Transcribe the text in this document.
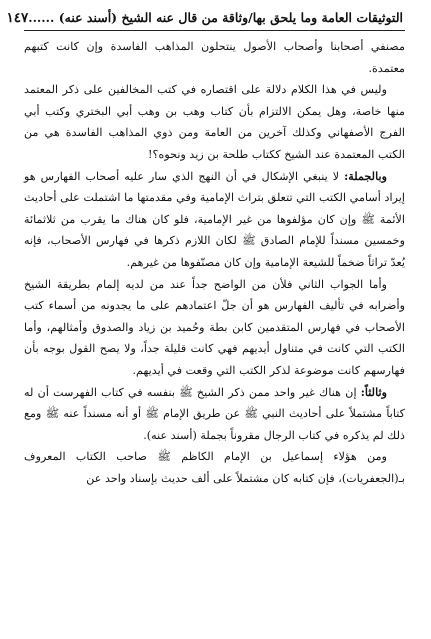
التوثيقات العامة وما يلحق بها/وثاقة من قال عنه الشيخ (أسند عنه) ......
١٤٧

مصنفي أصحابنا وأصحاب الأصول ينتحلون المذاهب الفاسدة وإن كانت كتبهم معتمدة.

وليس في هذا الكلام دلالة على اقتصاره في كتب المخالفين على ذكر المعتمد منها خاصة، وهل يمكن الالتزام بأن كتاب وهب بن وهب أبي البختري وكتب أبي الفرج الأصفهاني وكذلك آخرين من العامة ومن ذوي المذاهب الفاسدة هي من الكتب المعتمدة عند الشيخ ككتاب طلحة بن زيد ونحوه؟!

وبالجملة: لا ينبغي الإشكال في أن النهج الذي سار عليه أصحاب الفهارس هو إيراد أسامي الكتب التي تتعلق بتراث الإمامية وفي مقدمتها ما اشتملت على أحاديث الأئمة ﷺ وإن كان مؤلفوها من غير الإمامية، فلو كان هناك ما يقرب من ثلاثمائة وخمسين مسنداً للإمام الصادق ﷺ لكان اللازم ذكرها في فهارس الأصحاب، فإنه يُعدّ تراثاً ضخماً للشيعة الإمامية وإن كان مصنّفوها من غيرهم.

وأما الجواب الثاني فلأن من الواضح جداً عند من لديه إلمام بطريقة الشيخ وأضرابه في تأليف الفهارس هو أن جلّ اعتمادهم على ما يجدونه من أسماء كتب الأصحاب في فهارس المتقدمين كابن بطة وحُميد بن زياد والصدوق وأمثالهم، وأما الكتب التي كانت في متناول أيديهم فهي كانت قليلة جداً، ولا يصح القول بوجه بأن فهارسهم كانت موضوعة لذكر الكتب التي وقعت في أيديهم.

وثالثاً: إن هناك غير واحد ممن ذكر الشيخ ﷺ بنفسه في كتاب الفهرست أن له كتاباً مشتملاً على أحاديث النبي ﷺ عن طريق الإمام ﷺ أو أنه مسنداً عنه ﷺ ومع ذلك لم يذكره في كتاب الرجال مقروناً بجملة (أسند عنه).

ومن هؤلاء إسماعيل بن الإمام الكاظم ﷺ صاحب الكتاب المعروف بـ(الجعفريات)، فإن كتابه كان مشتملاً على ألف حديث بإسناد واحد عن
